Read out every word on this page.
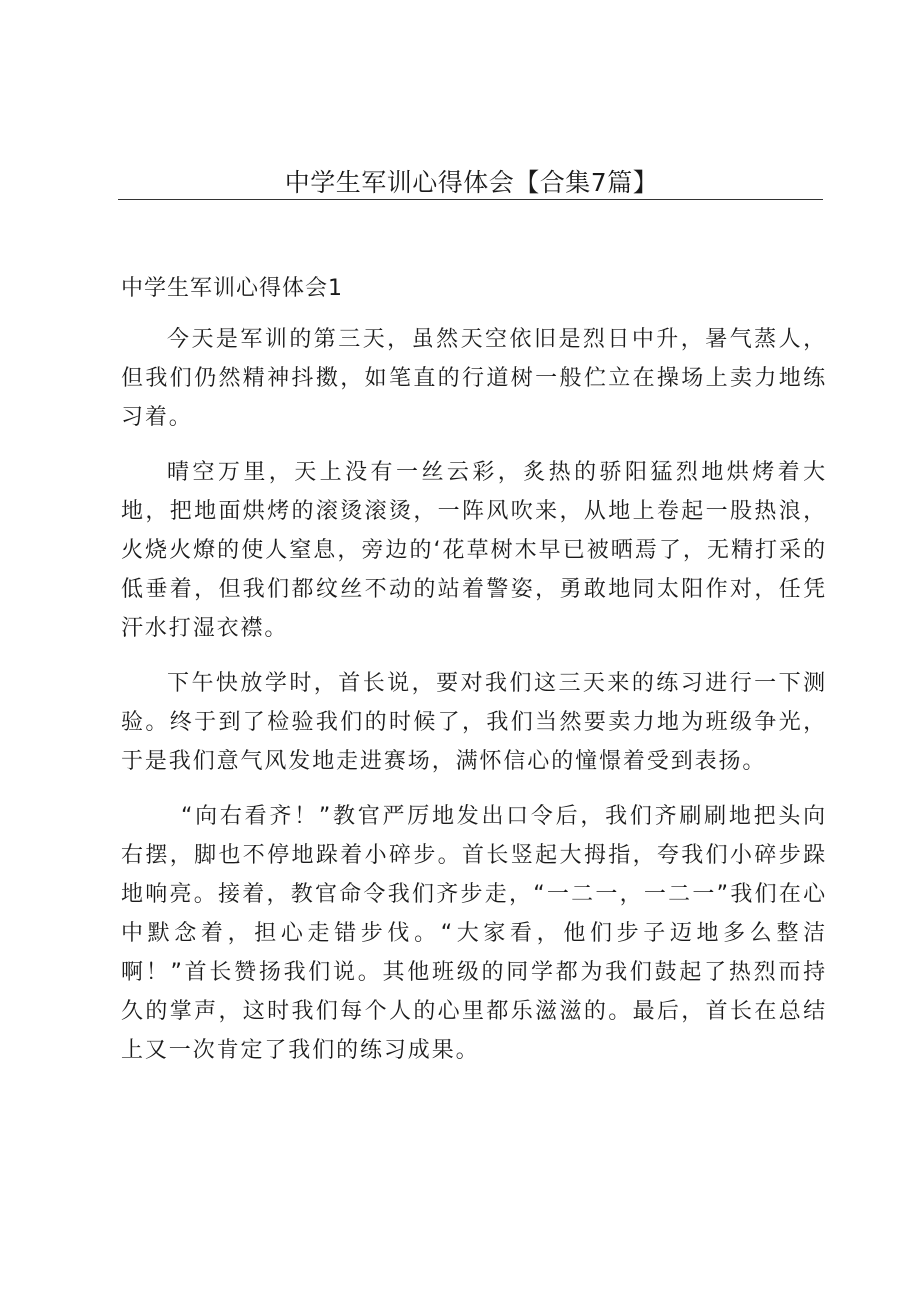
中学生军训心得体会【合集7篇】
中学生军训心得体会1

今天是军训的第三天，虽然天空依旧是烈日中升，暑气蒸人，但我们仍然精神抖擞，如笔直的行道树一般伫立在操场上卖力地练习着。

晴空万里，天上没有一丝云彩，炙热的骄阳猛烈地烘烤着大地，把地面烘烤的滚烫滚烫，一阵风吹来，从地上卷起一股热浪，火烧火燎的使人窒息，旁边的‘花草树木早已被晒焉了，无精打采的低垂着，但我们都纹丝不动的站着警姿，勇敢地同太阳作对，任凭汗水打湿衣襟。

下午快放学时，首长说，要对我们这三天来的练习进行一下测验。终于到了检验我们的时候了，我们当然要卖力地为班级争光，于是我们意气风发地走进赛场，满怀信心的憧憬着受到表扬。

“向右看齐！”教官严厉地发出口令后，我们齐刷刷地把头向右摆，脚也不停地跺着小碎步。首长竖起大拇指，夸我们小碎步跺地响亮。接着，教官命令我们齐步走，“一二一，一二一”我们在心中默念着，担心走错步伐。“大家看，他们步子迈地多么整洁啊！”首长赞扬我们说。其他班级的同学都为我们鼓起了热烈而持久的掌声，这时我们每个人的心里都乐滋滋的。最后，首长在总结上又一次肯定了我们的练习成果。
